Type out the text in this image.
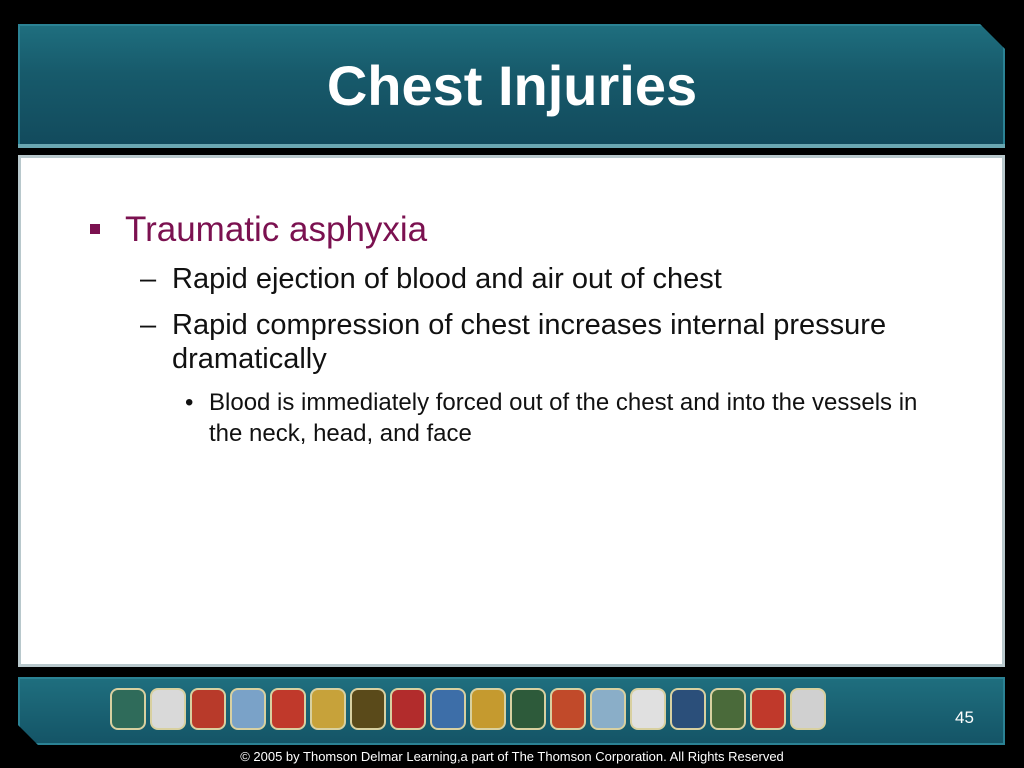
Chest Injuries
Traumatic asphyxia
– Rapid ejection of blood and air out of chest
– Rapid compression of chest increases internal pressure dramatically
• Blood is immediately forced out of the chest and into the vessels in the neck, head, and face
45
© 2005 by Thomson Delmar Learning,a part of The Thomson Corporation. All Rights Reserved
